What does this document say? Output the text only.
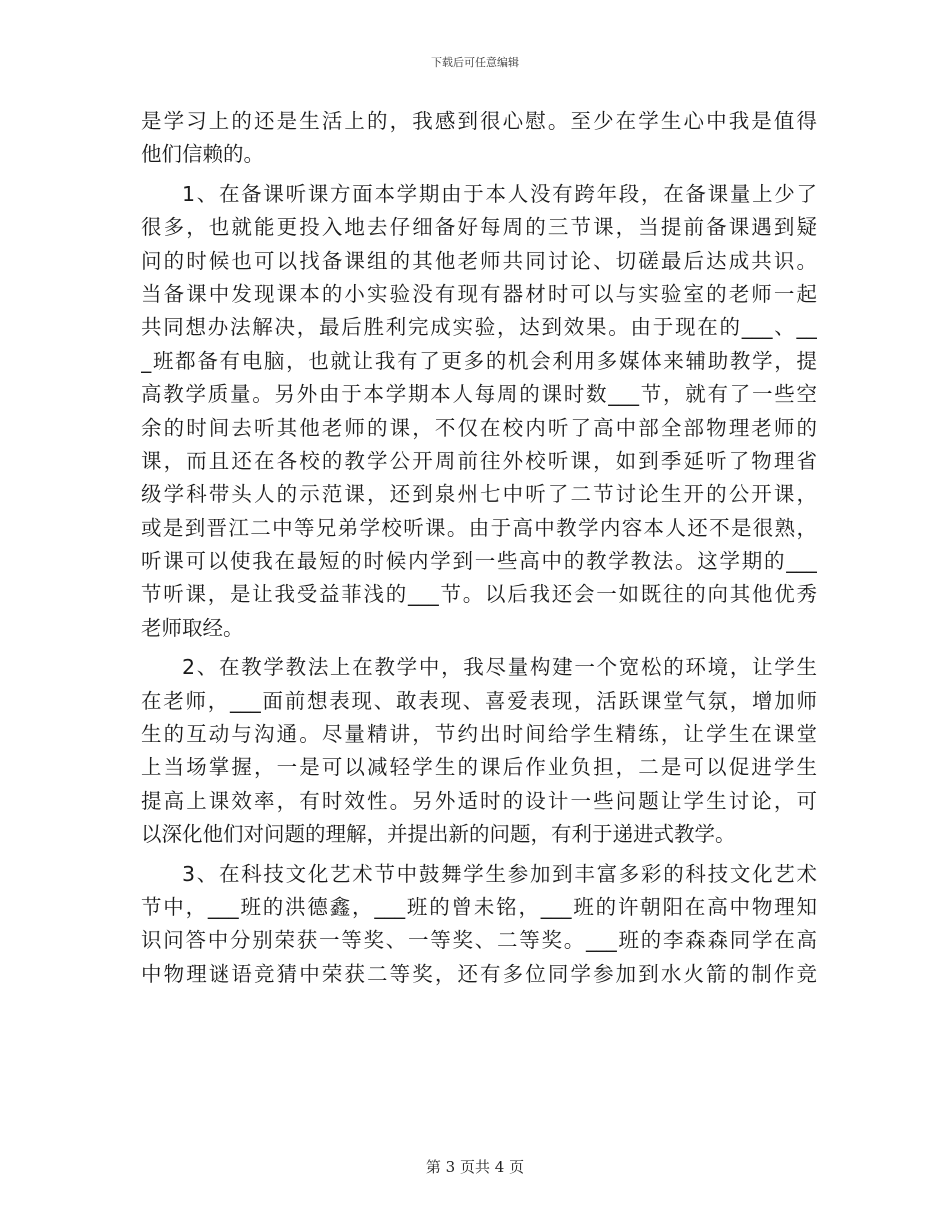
下载后可任意编辑
是学习上的还是生活上的，我感到很心慰。至少在学生心中我是值得
他们信赖的。
1、在备课听课方面本学期由于本人没有跨年段，在备课量上少了
很多，也就能更投入地去仔细备好每周的三节课，当提前备课遇到疑
问的时候也可以找备课组的其他老师共同讨论、切磋最后达成共识。
当备课中发现课本的小实验没有现有器材时可以与实验室的老师一起
共同想办法解决，最后胜利完成实验，达到效果。由于现在的___、__
_班都备有电脑，也就让我有了更多的机会利用多媒体来辅助教学，提
高教学质量。另外由于本学期本人每周的课时数___节，就有了一些空
余的时间去听其他老师的课，不仅在校内听了高中部全部物理老师的
课，而且还在各校的教学公开周前往外校听课，如到季延听了物理省
级学科带头人的示范课，还到泉州七中听了二节讨论生开的公开课，
或是到晋江二中等兄弟学校听课。由于高中教学内容本人还不是很熟，
听课可以使我在最短的时候内学到一些高中的教学教法。这学期的___
节听课，是让我受益菲浅的___节。以后我还会一如既往的向其他优秀
老师取经。
2、在教学教法上在教学中，我尽量构建一个宽松的环境，让学生
在老师，___面前想表现、敢表现、喜爱表现，活跃课堂气氛，增加师
生的互动与沟通。尽量精讲，节约出时间给学生精练，让学生在课堂
上当场掌握，一是可以减轻学生的课后作业负担，二是可以促进学生
提高上课效率，有时效性。另外适时的设计一些问题让学生讨论，可
以深化他们对问题的理解，并提出新的问题，有利于递进式教学。
3、在科技文化艺术节中鼓舞学生参加到丰富多彩的科技文化艺术
节中，___班的洪德鑫，___班的曾未铭，___班的许朝阳在高中物理知
识问答中分别荣获一等奖、一等奖、二等奖。___班的李森森同学在高
中物理谜语竞猜中荣获二等奖，还有多位同学参加到水火箭的制作竞
第 3 页共 4 页
